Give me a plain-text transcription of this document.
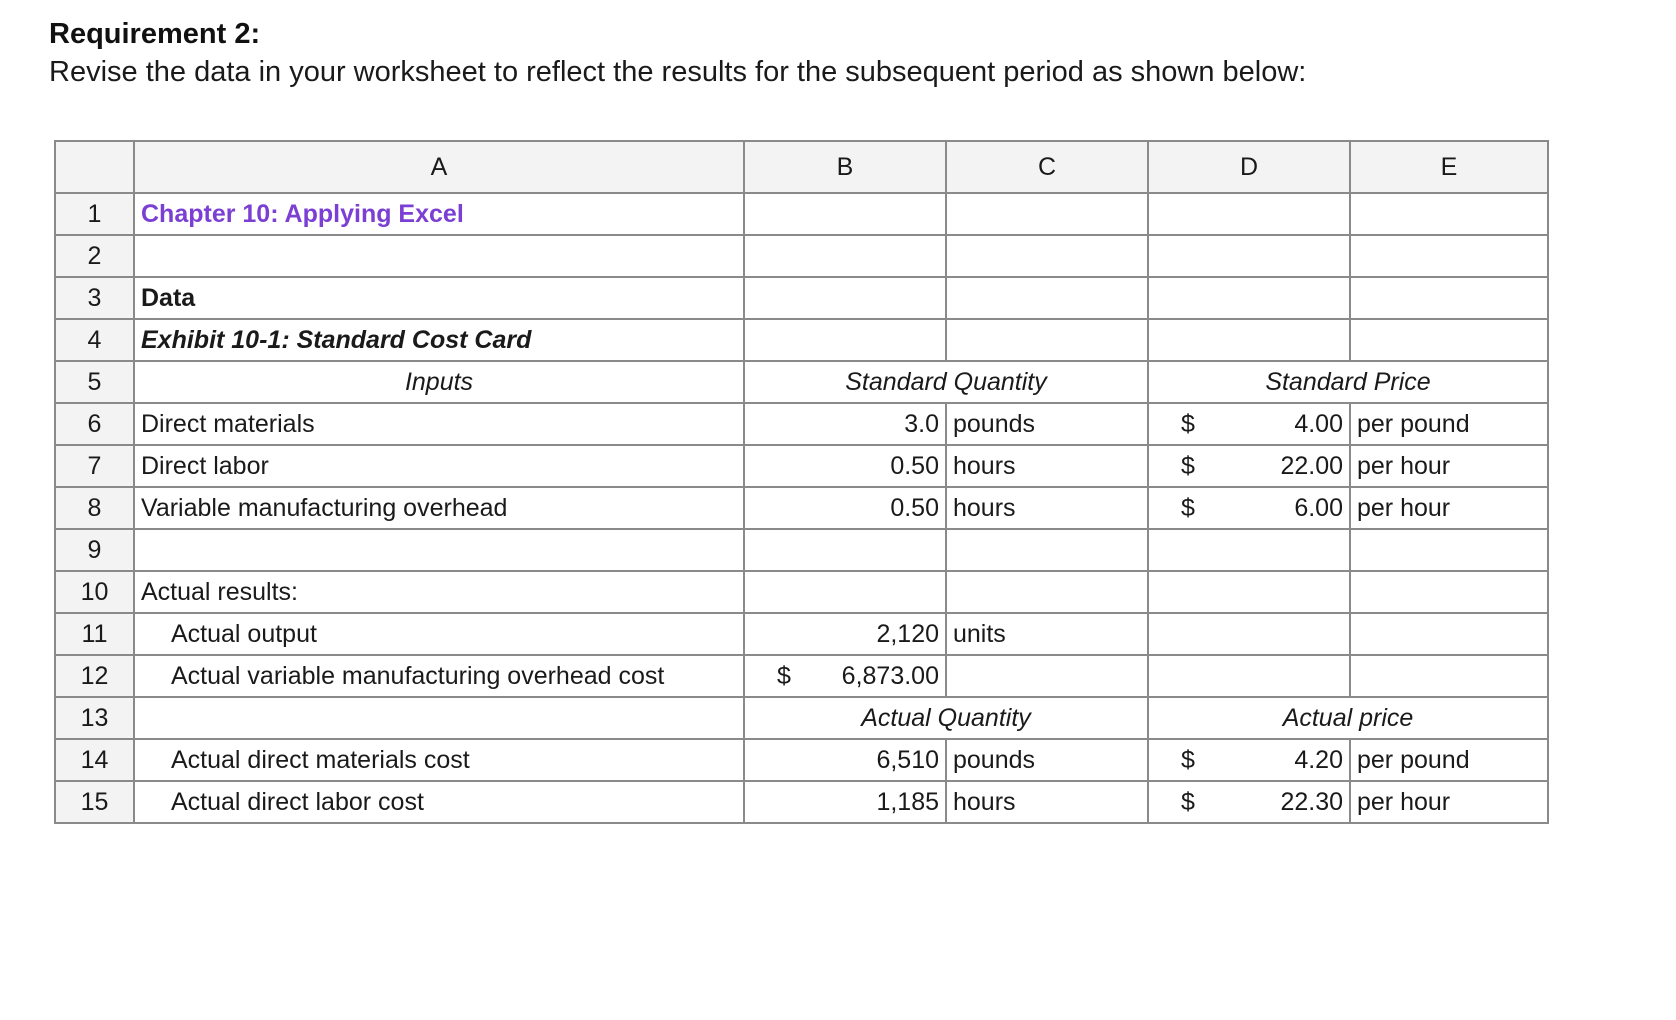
Requirement 2:
Revise the data in your worksheet to reflect the results for the subsequent period as shown below:
	A	B	C	D	E
1	Chapter 10: Applying Excel				
2					
3	Data				
4	Exhibit 10-1: Standard Cost Card				
5	Inputs	Standard Quantity		Standard Price	
6	Direct materials	3.0	pounds	$ 4.00	per pound
7	Direct labor	0.50	hours	$ 22.00	per hour
8	Variable manufacturing overhead	0.50	hours	$ 6.00	per hour
9					
10	Actual results:				
11	Actual output	2,120	units		
12	Actual variable manufacturing overhead cost	$ 6,873.00			

13		Actual Quantity		Actual price	
14	Actual direct materials cost	6,510	pounds	$ 4.20	per pound
15	Actual direct labor cost	1,185	hours	$ 22.30	per hour
